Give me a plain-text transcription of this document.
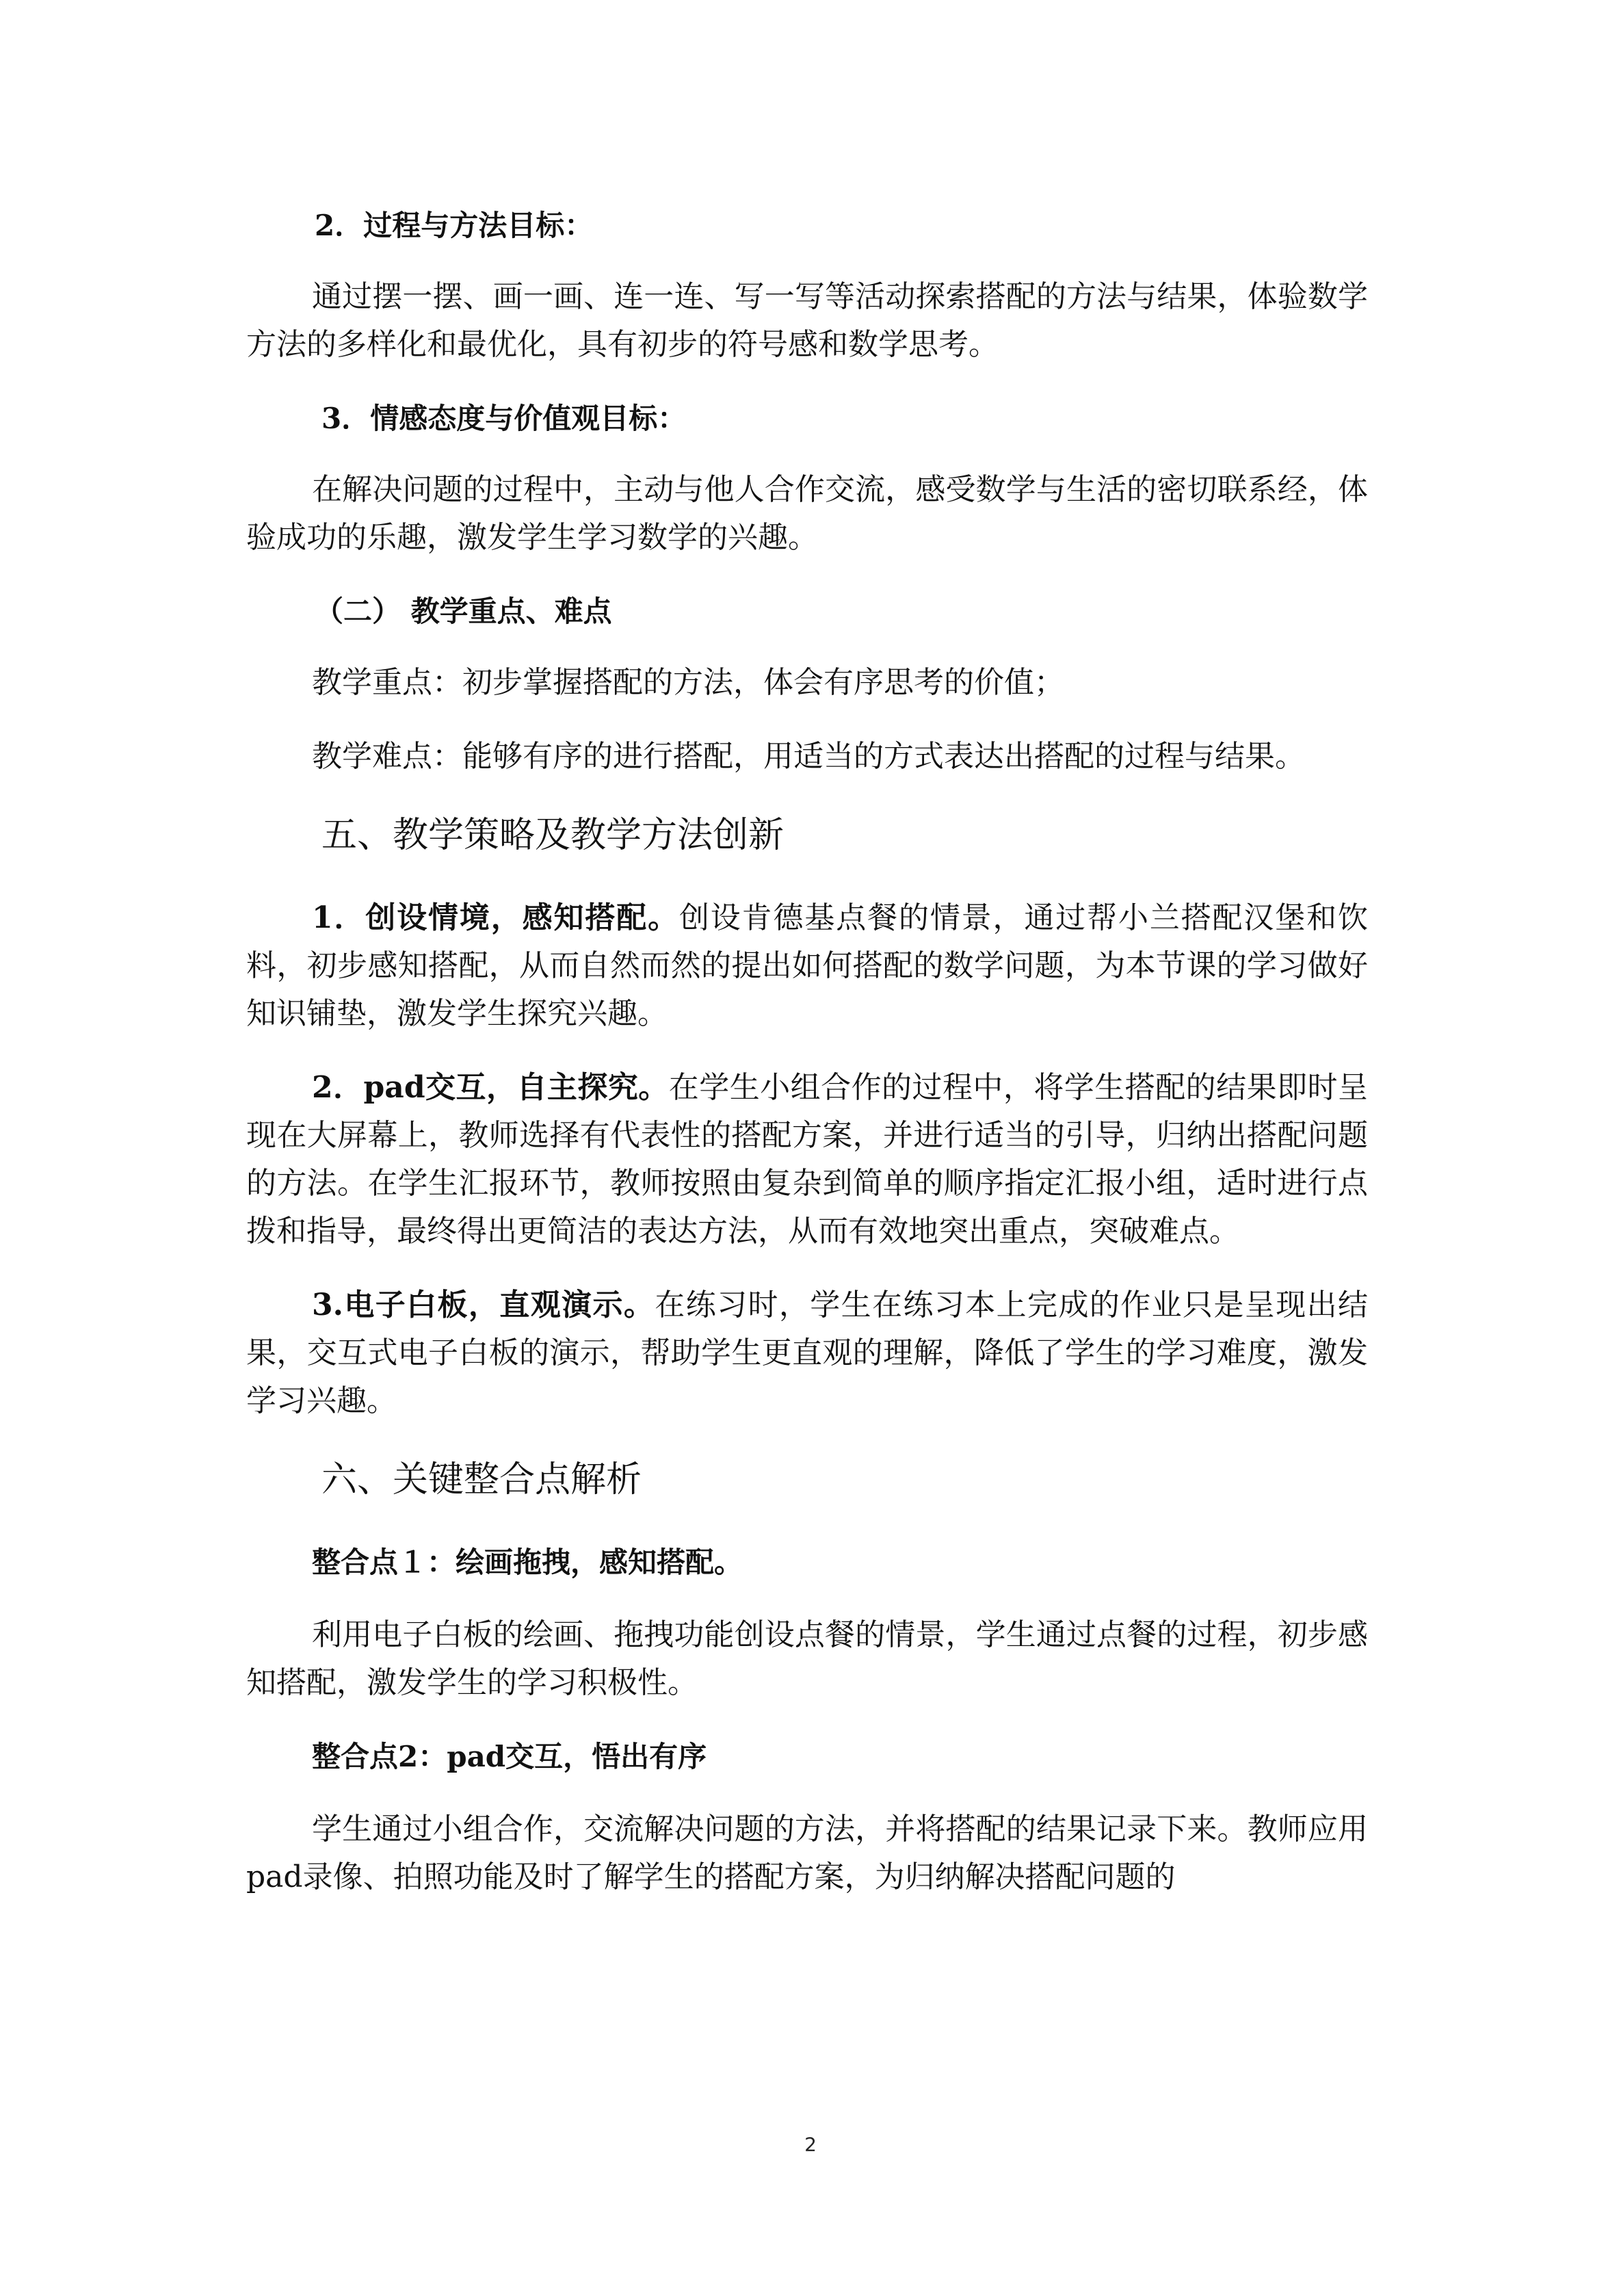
2．过程与方法目标：

通过摆一摆、画一画、连一连、写一写等活动探索搭配的方法与结果，体验数学方法的多样化和最优化，具有初步的符号感和数学思考。

3．情感态度与价值观目标：

在解决问题的过程中，主动与他人合作交流，感受数学与生活的密切联系经，体验成功的乐趣，激发学生学习数学的兴趣。

（二） 教学重点、难点

教学重点：初步掌握搭配的方法，体会有序思考的价值；

教学难点：能够有序的进行搭配，用适当的方式表达出搭配的过程与结果。

五、教学策略及教学方法创新

1．创设情境，感知搭配。创设肯德基点餐的情景，通过帮小兰搭配汉堡和饮料，初步感知搭配，从而自然而然的提出如何搭配的数学问题，为本节课的学习做好知识铺垫，激发学生探究兴趣。

2．pad交互，自主探究。在学生小组合作的过程中，将学生搭配的结果即时呈现在大屏幕上，教师选择有代表性的搭配方案，并进行适当的引导，归纳出搭配问题的方法。在学生汇报环节，教师按照由复杂到简单的顺序指定汇报小组，适时进行点拨和指导，最终得出更简洁的表达方法，从而有效地突出重点，突破难点。

3.电子白板，直观演示。在练习时，学生在练习本上完成的作业只是呈现出结果，交互式电子白板的演示，帮助学生更直观的理解，降低了学生的学习难度，激发学习兴趣。

六、关键整合点解析
整合点１：绘画拖拽，感知搭配。

利用电子白板的绘画、拖拽功能创设点餐的情景，学生通过点餐的过程，初步感知搭配，激发学生的学习积极性。

整合点2：pad交互，悟出有序

学生通过小组合作，交流解决问题的方法，并将搭配的结果记录下来。教师应用pad录像、拍照功能及时了解学生的搭配方案，为归纳解决搭配问题的

2
